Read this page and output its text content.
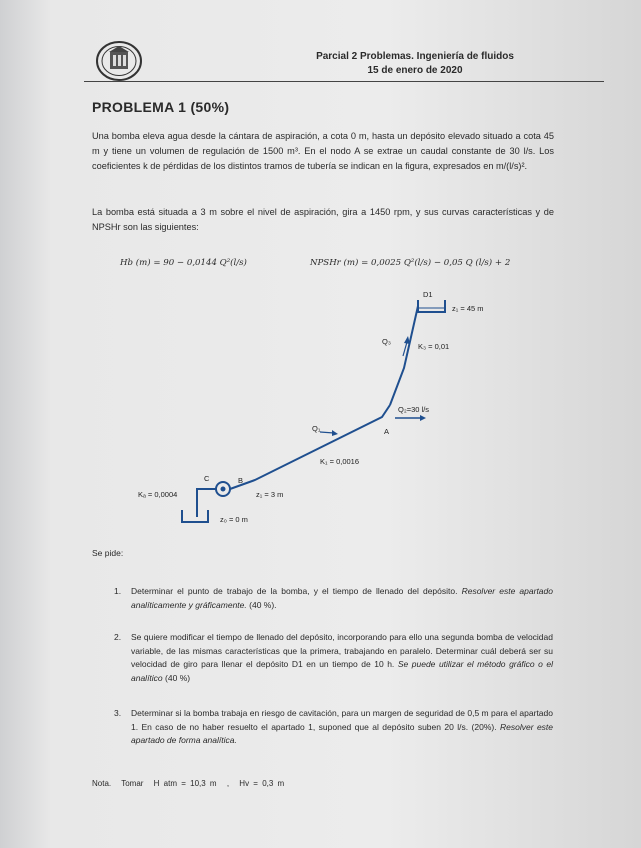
Parcial 2 Problemas. Ingeniería de fluidos
15 de enero de 2020
PROBLEMA 1 (50%)
Una bomba eleva agua desde la cántara de aspiración, a cota 0 m, hasta un depósito elevado situado a cota 45 m y tiene un volumen de regulación de 1500 m³. En el nodo A se extrae un caudal constante de 30 l/s. Los coeficientes k de pérdidas de los distintos tramos de tubería se indican en la figura, expresados en m/(l/s)².
La bomba está situada a 3 m sobre el nivel de aspiración, gira a 1450 rpm, y sus curvas características y de NPSHr son las siguientes:
Hb (m) = 90 − 0,0144 Q²(l/s)	NPSHr (m) = 0,0025 Q²(l/s) − 0,05 Q (l/s) + 2
D1
z₁ = 45 m
Q₃
K₃ = 0,01
Q₂=30 l/s
Q₁	A
K₁ = 0,0016
C	B
Kₐ = 0,0004	z₁ = 3 m
z₀ = 0 m
Se pide:
1. Determinar el punto de trabajo de la bomba, y el tiempo de llenado del depósito. Resolver este apartado analíticamente y gráficamente. (40 %).
2. Se quiere modificar el tiempo de llenado del depósito, incorporando para ello una segunda bomba de velocidad variable, de las mismas características que la primera, trabajando en paralelo. Determinar cuál deberá ser su velocidad de giro para llenar el depósito D1 en un tiempo de 10 h. Se puede utilizar el método gráfico o el analítico (40 %)
3. Determinar si la bomba trabaja en riesgo de cavitación, para un margen de seguridad de 0,5 m para el apartado 1. En caso de no haber resuelto el apartado 1, suponed que al depósito suben 20 l/s. (20%). Resolver este apartado de forma analítica.
Nota. Tomar H atm = 10,3 m , Hv = 0,3 m
